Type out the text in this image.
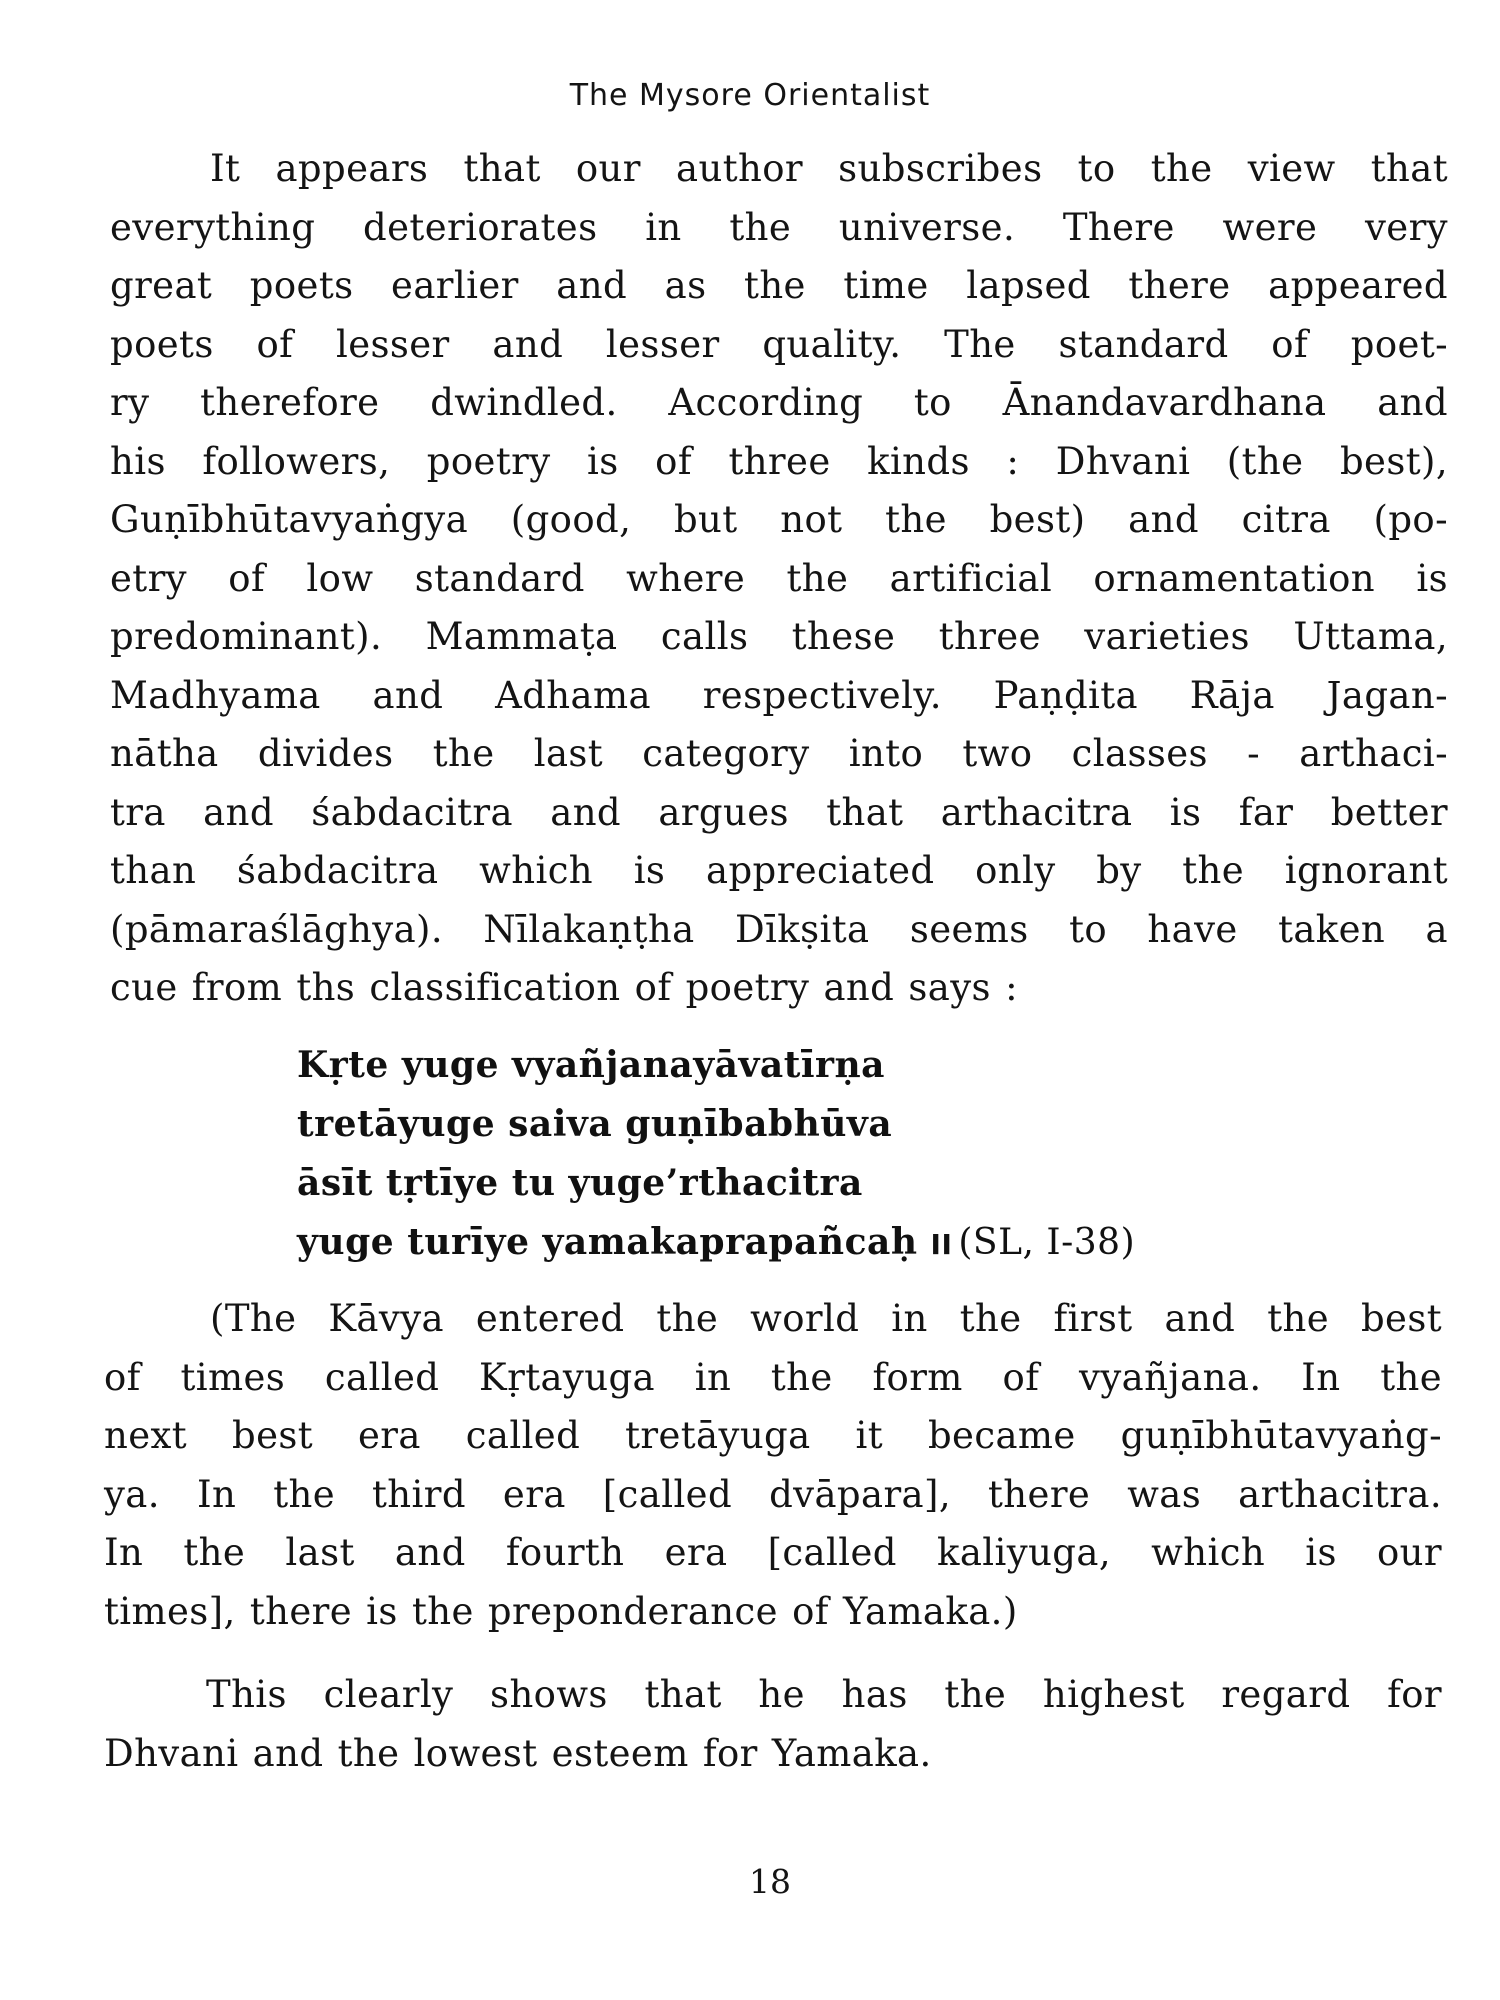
The Mysore Orientalist

It appears that our author subscribes to the view that
everything deteriorates in the universe. There were very
great poets earlier and as the time lapsed there appeared
poets of lesser and lesser quality. The standard of poet-
ry therefore dwindled. According to Ānandavardhana and
his followers, poetry is of three kinds : Dhvani (the best),
Guṇībhūtavyaṅgya (good, but not the best) and citra (po-
etry of low standard where the artificial ornamentation is
predominant). Mammaṭa calls these three varieties Uttama,
Madhyama and Adhama respectively. Paṇḍita Rāja Jagan-
nātha divides the last category into two classes - arthaci-
tra and śabdacitra and argues that arthacitra is far better
than śabdacitra which is appreciated only by the ignorant
(pāmaraślāghya). Nīlakaṇṭha Dīkṣita seems to have taken a
cue from ths classification of poetry and says :

Kṛte yuge vyañjanayāvatīrṇa
tretāyuge saiva guṇībabhūva
āsīt tṛtīye tu yuge’rthacitra
yuge turīye yamakaprapañcaḥ II (SL, I-38)

(The Kāvya entered the world in the first and the best
of times called Kṛtayuga in the form of vyañjana. In the
next best era called tretāyuga it became guṇībhūtavyaṅg-
ya. In the third era [called dvāpara], there was arthacitra.
In the last and fourth era [called kaliyuga, which is our
times], there is the preponderance of Yamaka.)

This clearly shows that he has the highest regard for
Dhvani and the lowest esteem for Yamaka.

18
